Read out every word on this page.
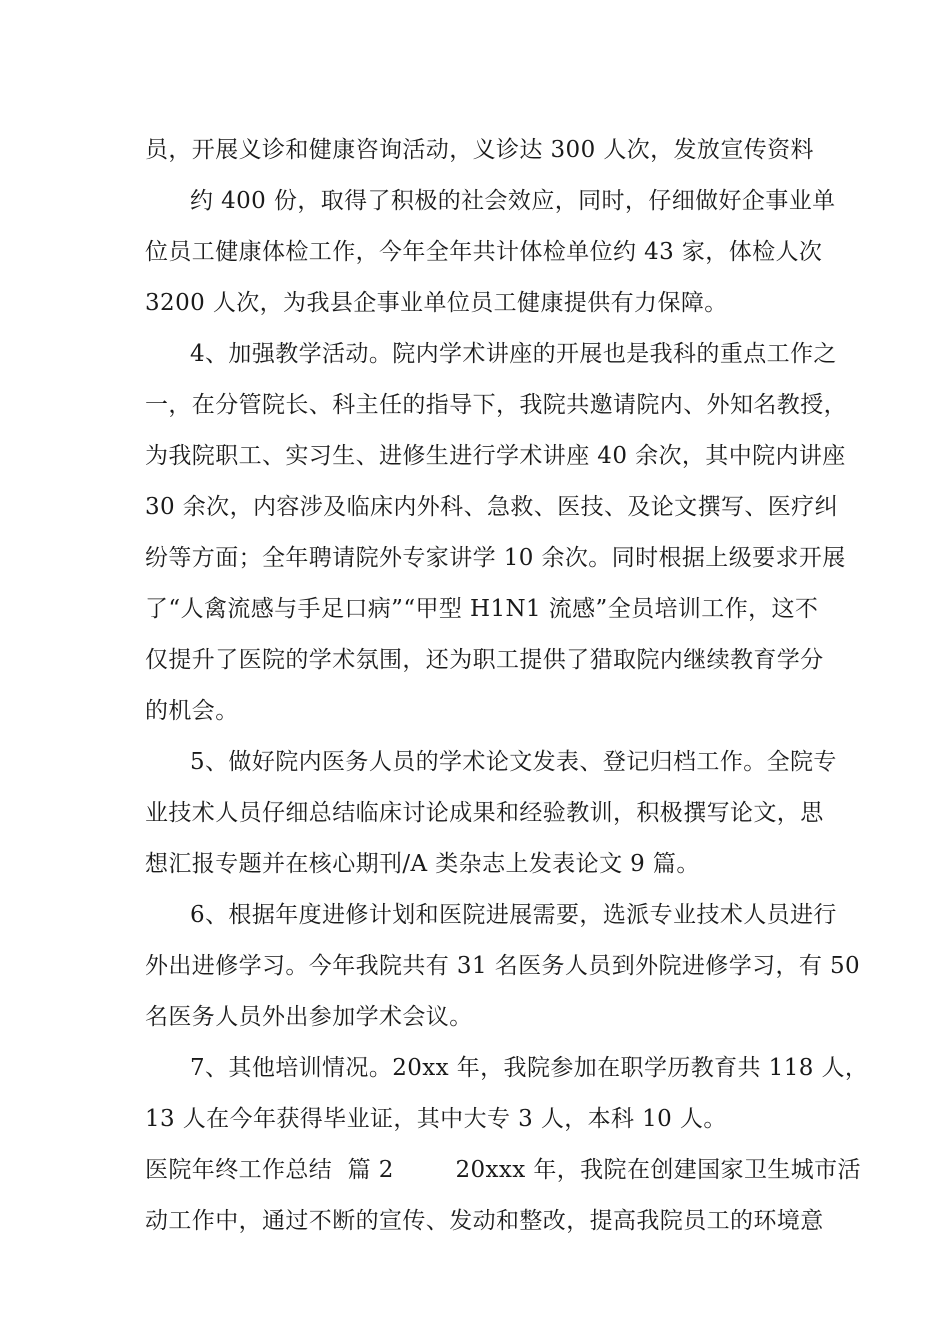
员，开展义诊和健康咨询活动，义诊达 300 人次，发放宣传资料
约 400 份，取得了积极的社会效应，同时，仔细做好企事业单
位员工健康体检工作，今年全年共计体检单位约 43 家，体检人次
3200 人次，为我县企事业单位员工健康提供有力保障。
4、加强教学活动。院内学术讲座的开展也是我科的重点工作之
一，在分管院长、科主任的指导下，我院共邀请院内、外知名教授，
为我院职工、实习生、进修生进行学术讲座 40 余次，其中院内讲座
30 余次，内容涉及临床内外科、急救、医技、及论文撰写、医疗纠
纷等方面；全年聘请院外专家讲学 10 余次。同时根据上级要求开展
了“人禽流感与手足口病”“甲型 H1N1 流感”全员培训工作，这不
仅提升了医院的学术氛围，还为职工提供了猎取院内继续教育学分
的机会。
5、做好院内医务人员的学术论文发表、登记归档工作。全院专
业技术人员仔细总结临床讨论成果和经验教训，积极撰写论文，思
想汇报专题并在核心期刊/A 类杂志上发表论文 9 篇。
6、根据年度进修计划和医院进展需要，选派专业技术人员进行
外出进修学习。今年我院共有 31 名医务人员到外院进修学习，有 50
名医务人员外出参加学术会议。
7、其他培训情况。20xx 年，我院参加在职学历教育共 118 人，
13 人在今年获得毕业证，其中大专 3 人，本科 10 人。
医院年终工作总结  篇 2        20xxx 年，我院在创建国家卫生城市活
动工作中，通过不断的宣传、发动和整改，提高我院员工的环境意
